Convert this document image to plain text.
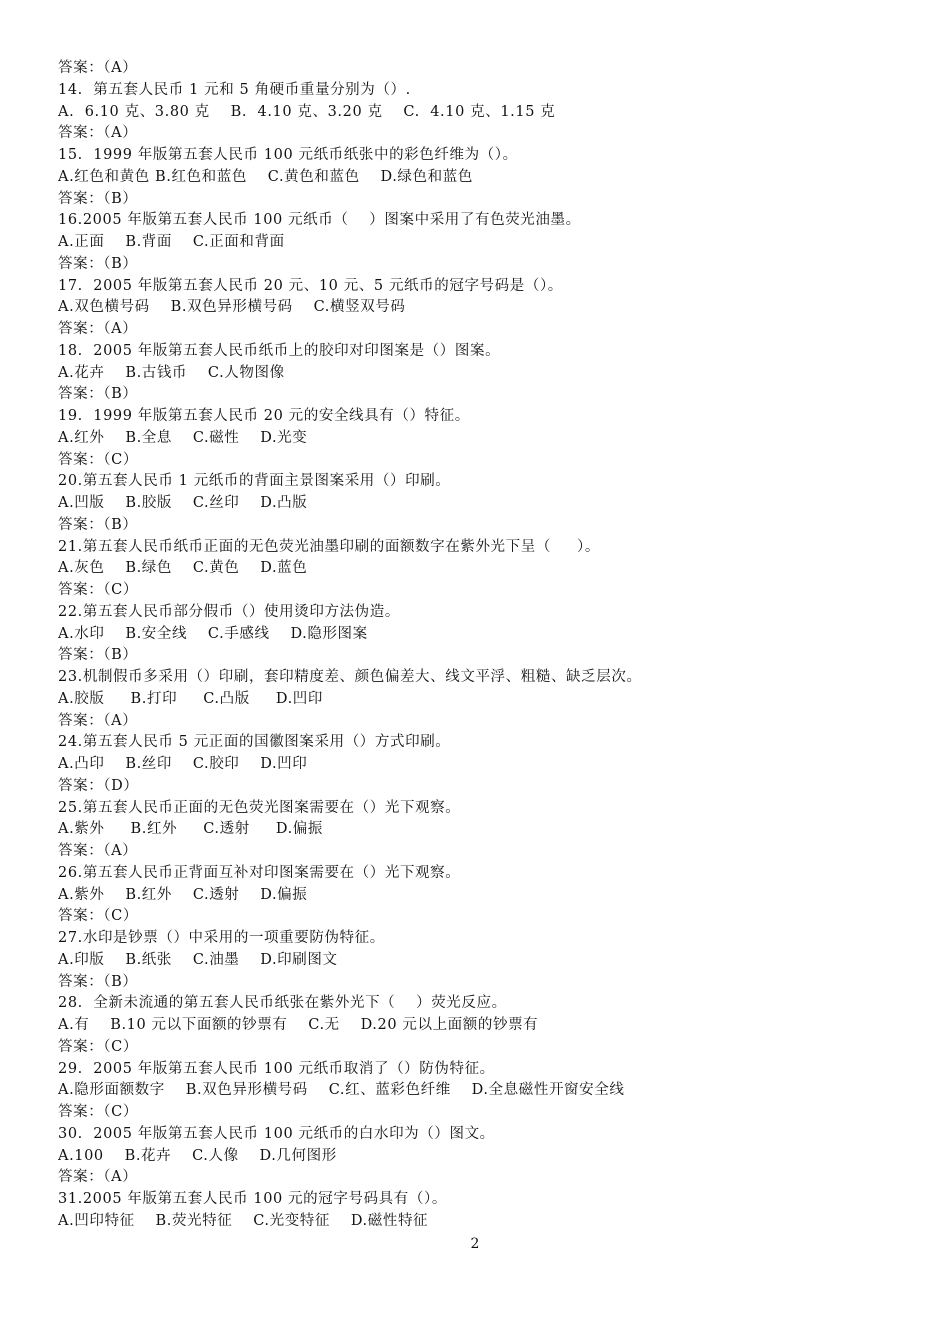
答案：（A）
14.  第五套人民币 1 元和 5 角硬币重量分别为（）.
A.  6.10 克、3.80 克    B.  4.10 克、3.20 克    C.  4.10 克、1.15 克
答案：（A）
15.  1999 年版第五套人民币 100 元纸币纸张中的彩色纤维为（）。
A.红色和黄色 B.红色和蓝色    C.黄色和蓝色    D.绿色和蓝色
答案：（B）
16.2005 年版第五套人民币 100 元纸币（    ）图案中采用了有色荧光油墨。
A.正面    B.背面    C.正面和背面
答案：（B）
17.  2005 年版第五套人民币 20 元、10 元、5 元纸币的冠字号码是（）。
A.双色横号码    B.双色异形横号码    C.横竖双号码
答案：（A）
18.  2005 年版第五套人民币纸币上的胶印对印图案是（）图案。
A.花卉    B.古钱币    C.人物图像
答案：（B）
19.  1999 年版第五套人民币 20 元的安全线具有（）特征。
A.红外    B.全息    C.磁性    D.光变
答案：（C）
20.第五套人民币 1 元纸币的背面主景图案采用（）印刷。
A.凹版    B.胶版    C.丝印    D.凸版
答案：（B）
21.第五套人民币纸币正面的无色荧光油墨印刷的面额数字在紫外光下呈（     ）。
A.灰色    B.绿色    C.黄色    D.蓝色
答案：（C）
22.第五套人民币部分假币（）使用烫印方法伪造。
A.水印    B.安全线    C.手感线    D.隐形图案
答案：（B）
23.机制假币多采用（）印刷，套印精度差、颜色偏差大、线文平浮、粗糙、缺乏层次。
A.胶版     B.打印     C.凸版     D.凹印
答案：（A）
24.第五套人民币 5 元正面的国徽图案采用（）方式印刷。
A.凸印    B.丝印    C.胶印    D.凹印
答案：（D）
25.第五套人民币正面的无色荧光图案需要在（）光下观察。
A.紫外     B.红外     C.透射     D.偏振
答案：（A）
26.第五套人民币正背面互补对印图案需要在（）光下观察。
A.紫外    B.红外    C.透射    D.偏振
答案：（C）
27.水印是钞票（）中采用的一项重要防伪特征。
A.印版    B.纸张    C.油墨    D.印刷图文
答案：（B）
28.  全新未流通的第五套人民币纸张在紫外光下（    ）荧光反应。
A.有    B.10 元以下面额的钞票有    C.无    D.20 元以上面额的钞票有
答案：（C）
29.  2005 年版第五套人民币 100 元纸币取消了（）防伪特征。
A.隐形面额数字    B.双色异形横号码    C.红、蓝彩色纤维    D.全息磁性开窗安全线
答案：（C）
30.  2005 年版第五套人民币 100 元纸币的白水印为（）图文。
A.100    B.花卉    C.人像    D.几何图形
答案：（A）
31.2005 年版第五套人民币 100 元的冠字号码具有（）。
A.凹印特征    B.荧光特征    C.光变特征    D.磁性特征
2
